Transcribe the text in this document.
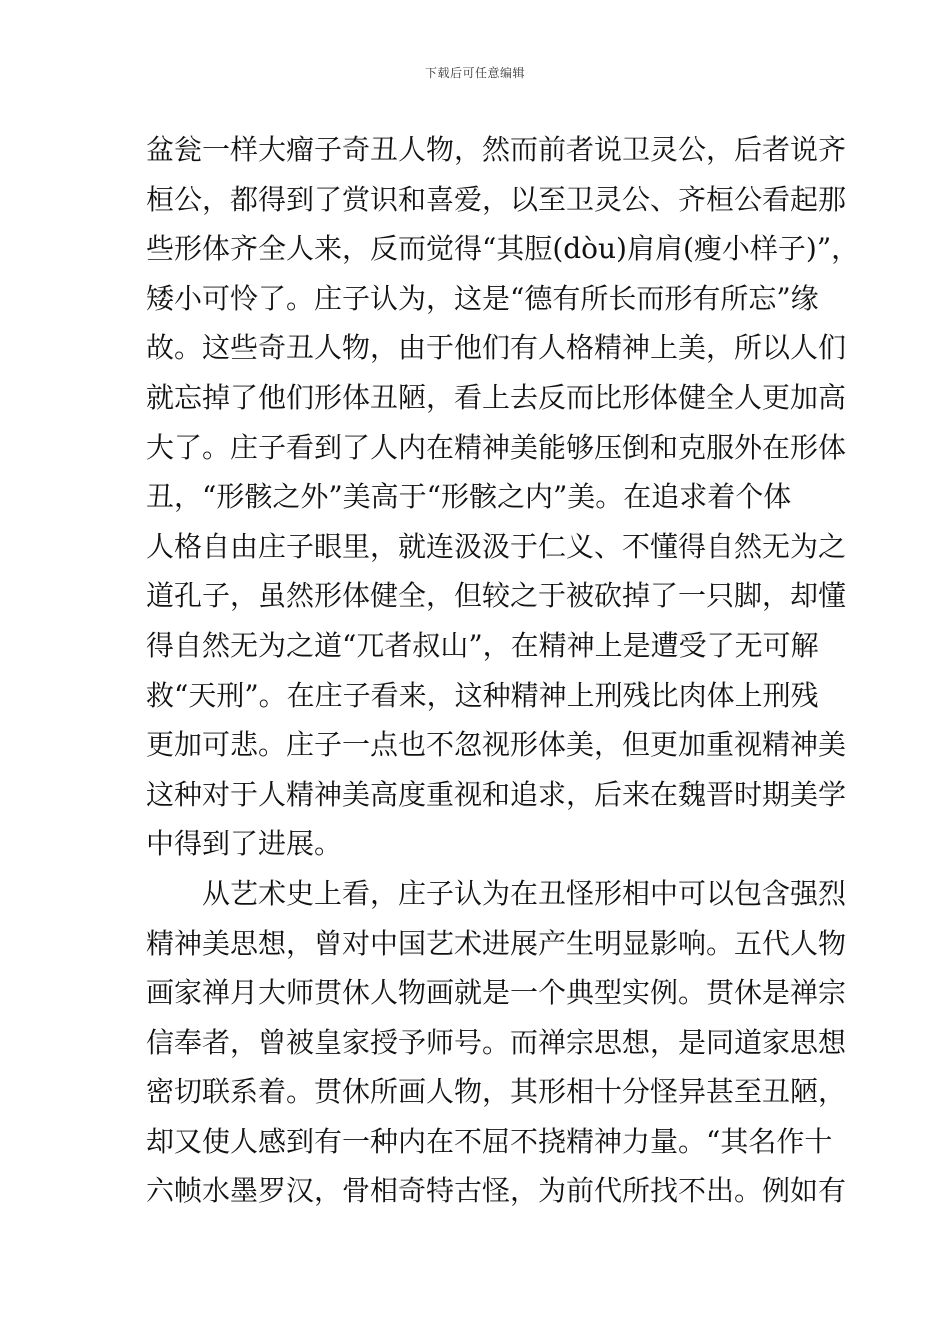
下载后可任意编辑
盆瓮一样大瘤子奇丑人物，然而前者说卫灵公，后者说齐
桓公，都得到了赏识和喜爱，以至卫灵公、齐桓公看起那
些形体齐全人来，反而觉得“其脰(dòu)肩肩(瘦小样子)”，
矮小可怜了。庄子认为，这是“德有所长而形有所忘”缘
故。这些奇丑人物，由于他们有人格精神上美，所以人们
就忘掉了他们形体丑陋，看上去反而比形体健全人更加高
大了。庄子看到了人内在精神美能够压倒和克服外在形体
丑，“形骸之外”美高于“形骸之内”美。在追求着个体
人格自由庄子眼里，就连汲汲于仁义、不懂得自然无为之
道孔子，虽然形体健全，但较之于被砍掉了一只脚，却懂
得自然无为之道“兀者叔山”，在精神上是遭受了无可解
救“天刑”。在庄子看来，这种精神上刑残比肉体上刑残
更加可悲。庄子一点也不忽视形体美，但更加重视精神美
这种对于人精神美高度重视和追求，后来在魏晋时期美学
中得到了进展。
从艺术史上看，庄子认为在丑怪形相中可以包含强烈
精神美思想，曾对中国艺术进展产生明显影响。五代人物
画家禅月大师贯休人物画就是一个典型实例。贯休是禅宗
信奉者，曾被皇家授予师号。而禅宗思想，是同道家思想
密切联系着。贯休所画人物，其形相十分怪异甚至丑陋，
却又使人感到有一种内在不屈不挠精神力量。“其名作十
六帧水墨罗汉，骨相奇特古怪，为前代所找不出。例如有
